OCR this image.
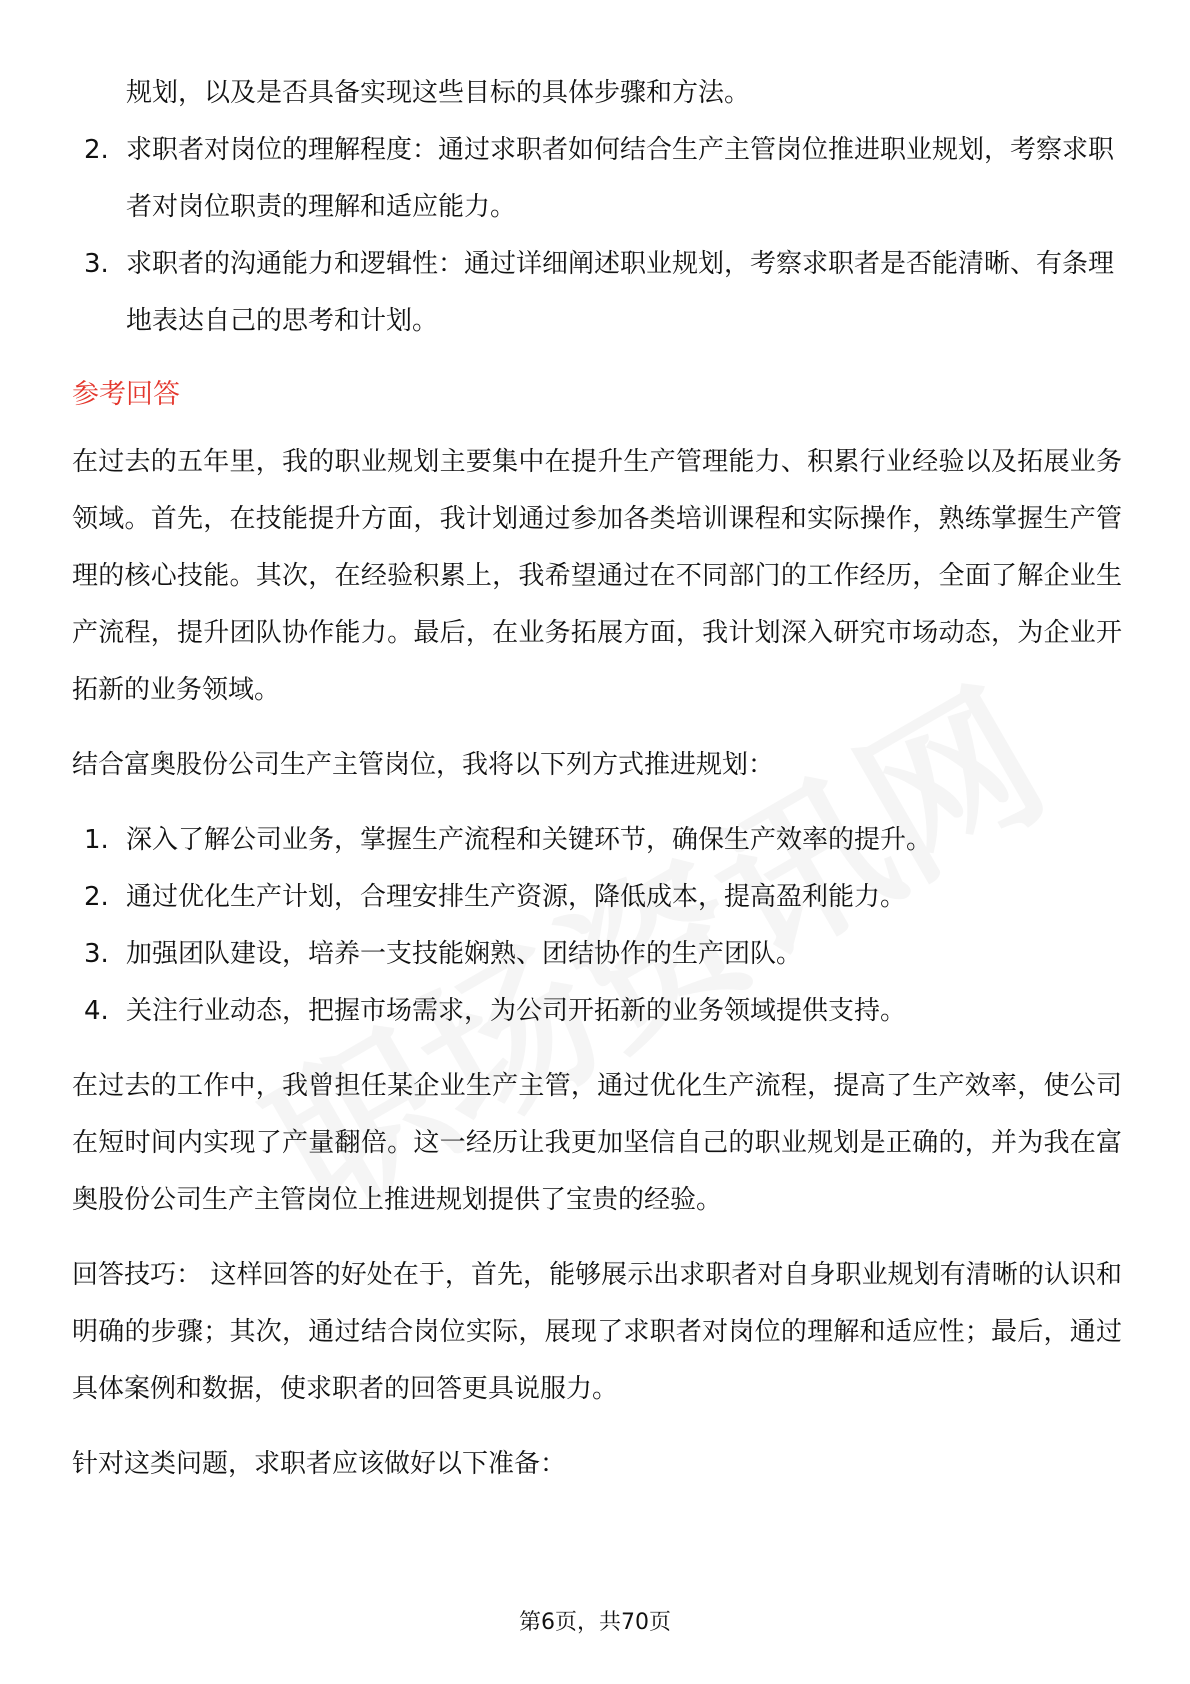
规划，以及是否具备实现这些目标的具体步骤和方法。
2. 求职者对岗位的理解程度：通过求职者如何结合生产主管岗位推进职业规划，考察求职者对岗位职责的理解和适应能力。
3. 求职者的沟通能力和逻辑性：通过详细阐述职业规划，考察求职者是否能清晰、有条理地表达自己的思考和计划。
参考回答

在过去的五年里，我的职业规划主要集中在提升生产管理能力、积累行业经验以及拓展业务领域。首先，在技能提升方面，我计划通过参加各类培训课程和实际操作，熟练掌握生产管理的核心技能。其次，在经验积累上，我希望通过在不同部门的工作经历，全面了解企业生产流程，提升团队协作能力。最后，在业务拓展方面，我计划深入研究市场动态，为企业开拓新的业务领域。

结合富奥股份公司生产主管岗位，我将以下列方式推进规划：

1. 深入了解公司业务，掌握生产流程和关键环节，确保生产效率的提升。
2. 通过优化生产计划，合理安排生产资源，降低成本，提高盈利能力。
3. 加强团队建设，培养一支技能娴熟、团结协作的生产团队。
4. 关注行业动态，把握市场需求，为公司开拓新的业务领域提供支持。

在过去的工作中，我曾担任某企业生产主管，通过优化生产流程，提高了生产效率，使公司在短时间内实现了产量翻倍。这一经历让我更加坚信自己的职业规划是正确的，并为我在富奥股份公司生产主管岗位上推进规划提供了宝贵的经验。

回答技巧： 这样回答的好处在于，首先，能够展示出求职者对自身职业规划有清晰的认识和明确的步骤；其次，通过结合岗位实际，展现了求职者对岗位的理解和适应性；最后，通过具体案例和数据，使求职者的回答更具说服力。

针对这类问题，求职者应该做好以下准备：

第6页，共70页
